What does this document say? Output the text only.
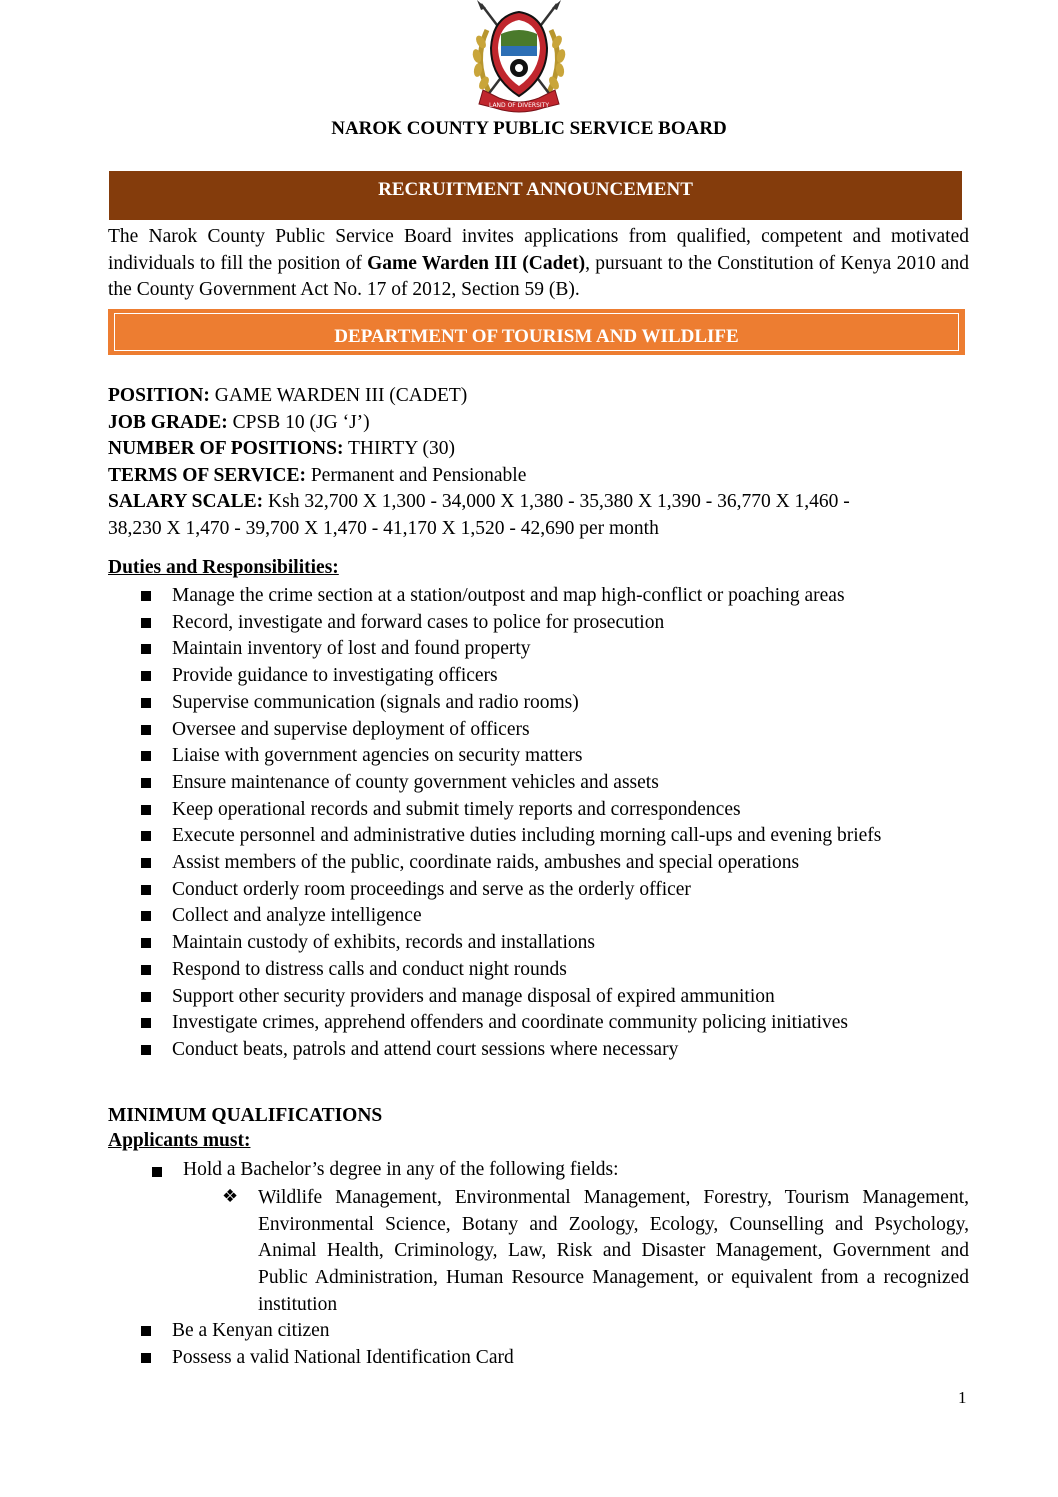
LAND OF DIVERSITY
NAROK COUNTY PUBLIC SERVICE BOARD
RECRUITMENT ANNOUNCEMENT
The Narok County Public Service Board invites applications from qualified, competent and motivated individuals to fill the position of Game Warden III (Cadet), pursuant to the Constitution of Kenya 2010 and the County Government Act No. 17 of 2012, Section 59 (B).
DEPARTMENT OF TOURISM AND WILDLIFE
POSITION: GAME WARDEN III (CADET)
JOB GRADE: CPSB 10 (JG ‘J’)
NUMBER OF POSITIONS: THIRTY (30)
TERMS OF SERVICE: Permanent and Pensionable
SALARY SCALE: Ksh 32,700 X 1,300 - 34,000 X 1,380 - 35,380 X 1,390 - 36,770 X 1,460 -
38,230 X 1,470 - 39,700 X 1,470 - 41,170 X 1,520 - 42,690 per month
Duties and Responsibilities:
Manage the crime section at a station/outpost and map high-conflict or poaching areas
Record, investigate and forward cases to police for prosecution
Maintain inventory of lost and found property
Provide guidance to investigating officers
Supervise communication (signals and radio rooms)
Oversee and supervise deployment of officers
Liaise with government agencies on security matters
Ensure maintenance of county government vehicles and assets
Keep operational records and submit timely reports and correspondences
Execute personnel and administrative duties including morning call-ups and evening briefs
Assist members of the public, coordinate raids, ambushes and special operations
Conduct orderly room proceedings and serve as the orderly officer
Collect and analyze intelligence
Maintain custody of exhibits, records and installations
Respond to distress calls and conduct night rounds
Support other security providers and manage disposal of expired ammunition
Investigate crimes, apprehend offenders and coordinate community policing initiatives
Conduct beats, patrols and attend court sessions where necessary
MINIMUM QUALIFICATIONS
Applicants must:
Hold a Bachelor’s degree in any of the following fields:
❖ Wildlife Management, Environmental Management, Forestry, Tourism Management, Environmental Science, Botany and Zoology, Ecology, Counselling and Psychology, Animal Health, Criminology, Law, Risk and Disaster Management, Government and Public Administration, Human Resource Management, or equivalent from a recognized institution
Be a Kenyan citizen
Possess a valid National Identification Card
1
